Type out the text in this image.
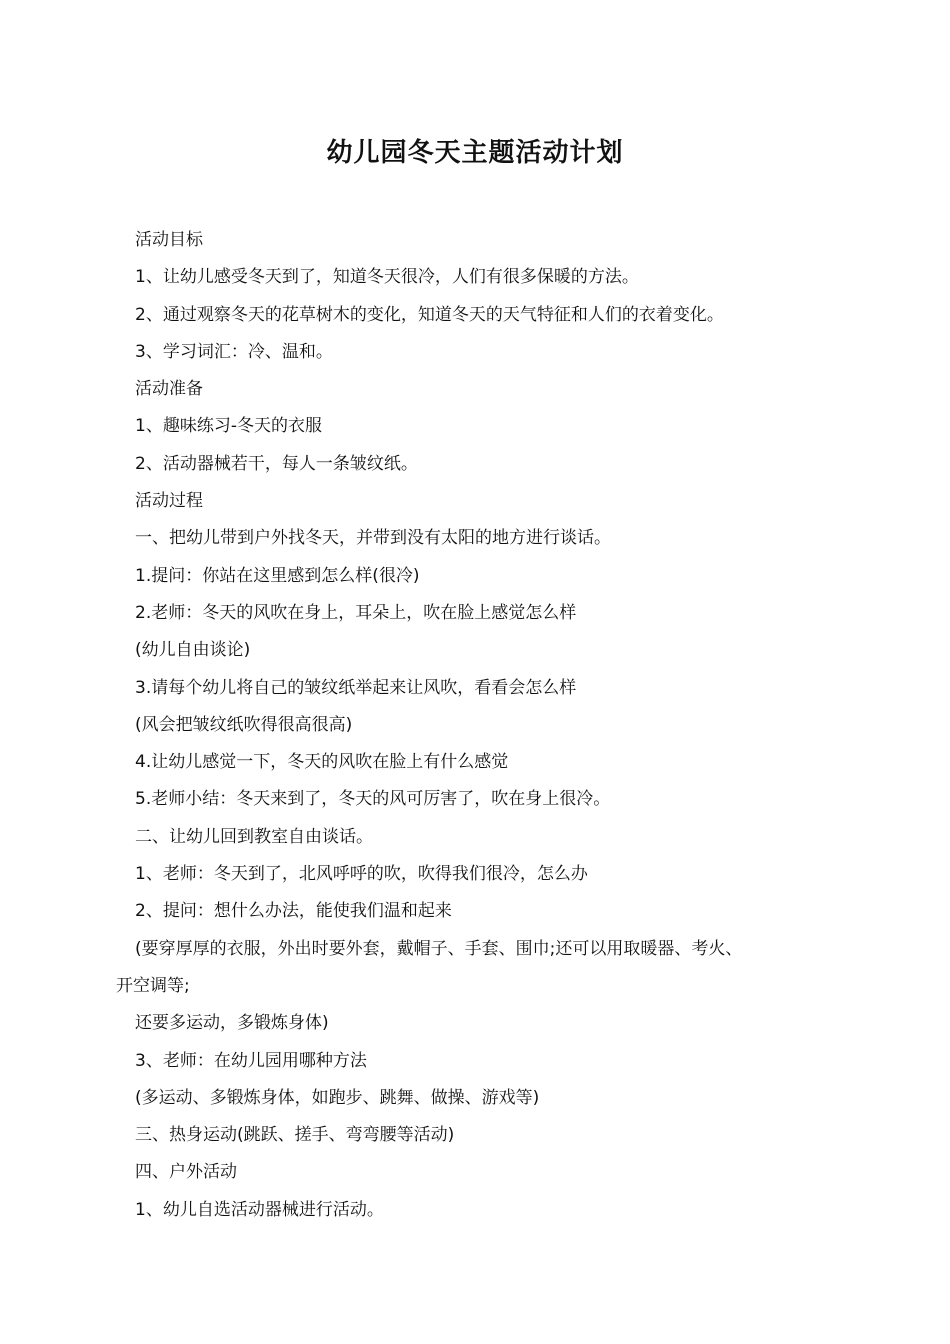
幼儿园冬天主题活动计划
活动目标
1、让幼儿感受冬天到了，知道冬天很冷，人们有很多保暖的方法。
2、通过观察冬天的花草树木的变化，知道冬天的天气特征和人们的衣着变化。
3、学习词汇：冷、温和。
活动准备
1、趣味练习-冬天的衣服
2、活动器械若干，每人一条皱纹纸。
活动过程
一、把幼儿带到户外找冬天，并带到没有太阳的地方进行谈话。
1.提问：你站在这里感到怎么样(很冷)
2.老师：冬天的风吹在身上，耳朵上，吹在脸上感觉怎么样
(幼儿自由谈论)
3.请每个幼儿将自己的皱纹纸举起来让风吹，看看会怎么样
(风会把皱纹纸吹得很高很高)
4.让幼儿感觉一下，冬天的风吹在脸上有什么感觉
5.老师小结：冬天来到了，冬天的风可厉害了，吹在身上很冷。
二、让幼儿回到教室自由谈话。
1、老师：冬天到了，北风呼呼的吹，吹得我们很冷，怎么办
2、提问：想什么办法，能使我们温和起来
(要穿厚厚的衣服，外出时要外套，戴帽子、手套、围巾;还可以用取暖器、考火、
开空调等;
还要多运动，多锻炼身体)
3、老师：在幼儿园用哪种方法
(多运动、多锻炼身体，如跑步、跳舞、做操、游戏等)
三、热身运动(跳跃、搓手、弯弯腰等活动)
四、户外活动
1、幼儿自选活动器械进行活动。
